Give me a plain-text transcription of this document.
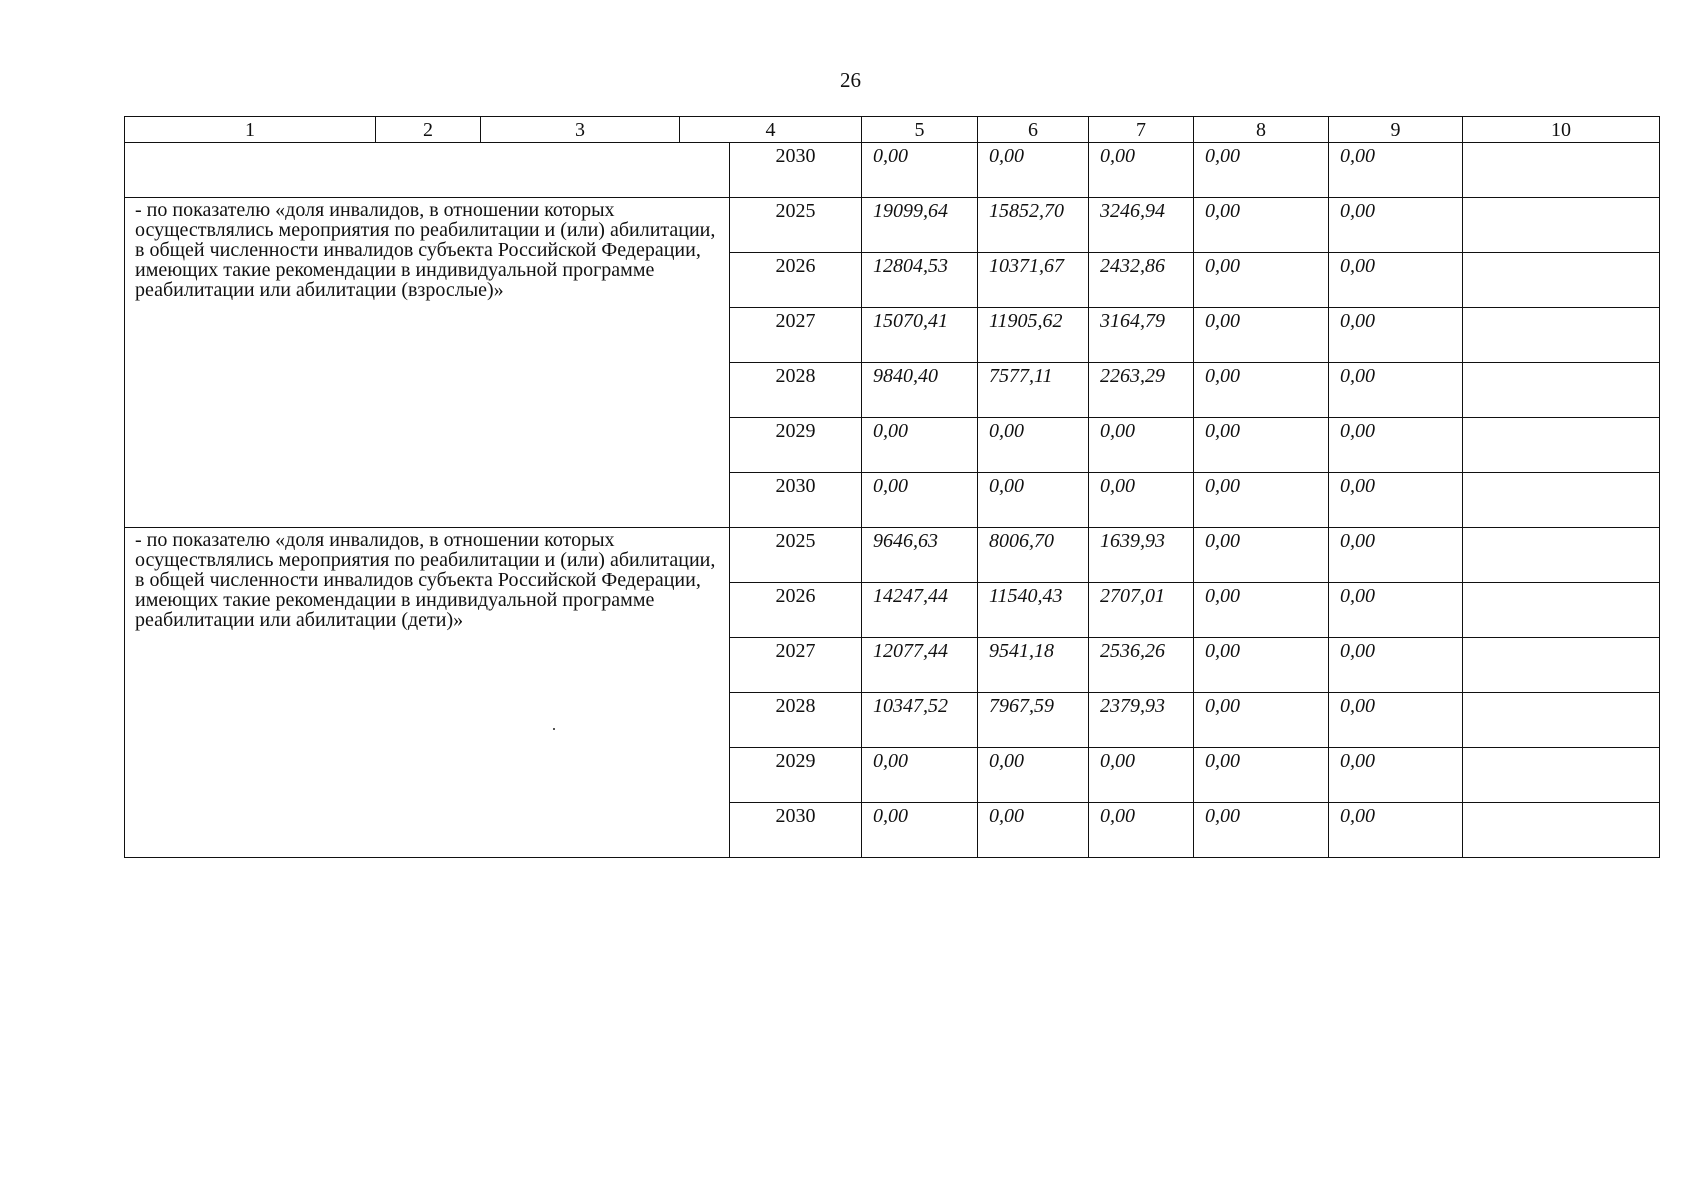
26
1	2	3	4		5	6	7	8	9	10
				2030	0,00	0,00	0,00	0,00	0,00	
- по показателю «доля инвалидов, в отношении которых осуществлялись мероприятия по реабилитации и (или) абилитации, в общей численности инвалидов субъекта Российской Федерации, имеющих такие рекомендации в индивидуальной программе реабилитации или абилитации (взрослые)»				2025	19099,64	15852,70	3246,94	0,00	0,00	
				2026	12804,53	10371,67	2432,86	0,00	0,00	
				2027	15070,41	11905,62	3164,79	0,00	0,00	
				2028	9840,40	7577,11	2263,29	0,00	0,00	
				2029	0,00	0,00	0,00	0,00	0,00	
				2030	0,00	0,00	0,00	0,00	0,00	
- по показателю «доля инвалидов, в отношении которых осуществлялись мероприятия по реабилитации и (или) абилитации, в общей численности инвалидов субъекта Российской Федерации, имеющих такие рекомендации в индивидуальной программе реабилитации или абилитации (дети)»				2025	9646,63	8006,70	1639,93	0,00	0,00	
				2026	14247,44	11540,43	2707,01	0,00	0,00	
				2027	12077,44	9541,18	2536,26	0,00	0,00	
				2028	10347,52	7967,59	2379,93	0,00	0,00	
				2029	0,00	0,00	0,00	0,00	0,00	
				2030	0,00	0,00	0,00	0,00	0,00	
